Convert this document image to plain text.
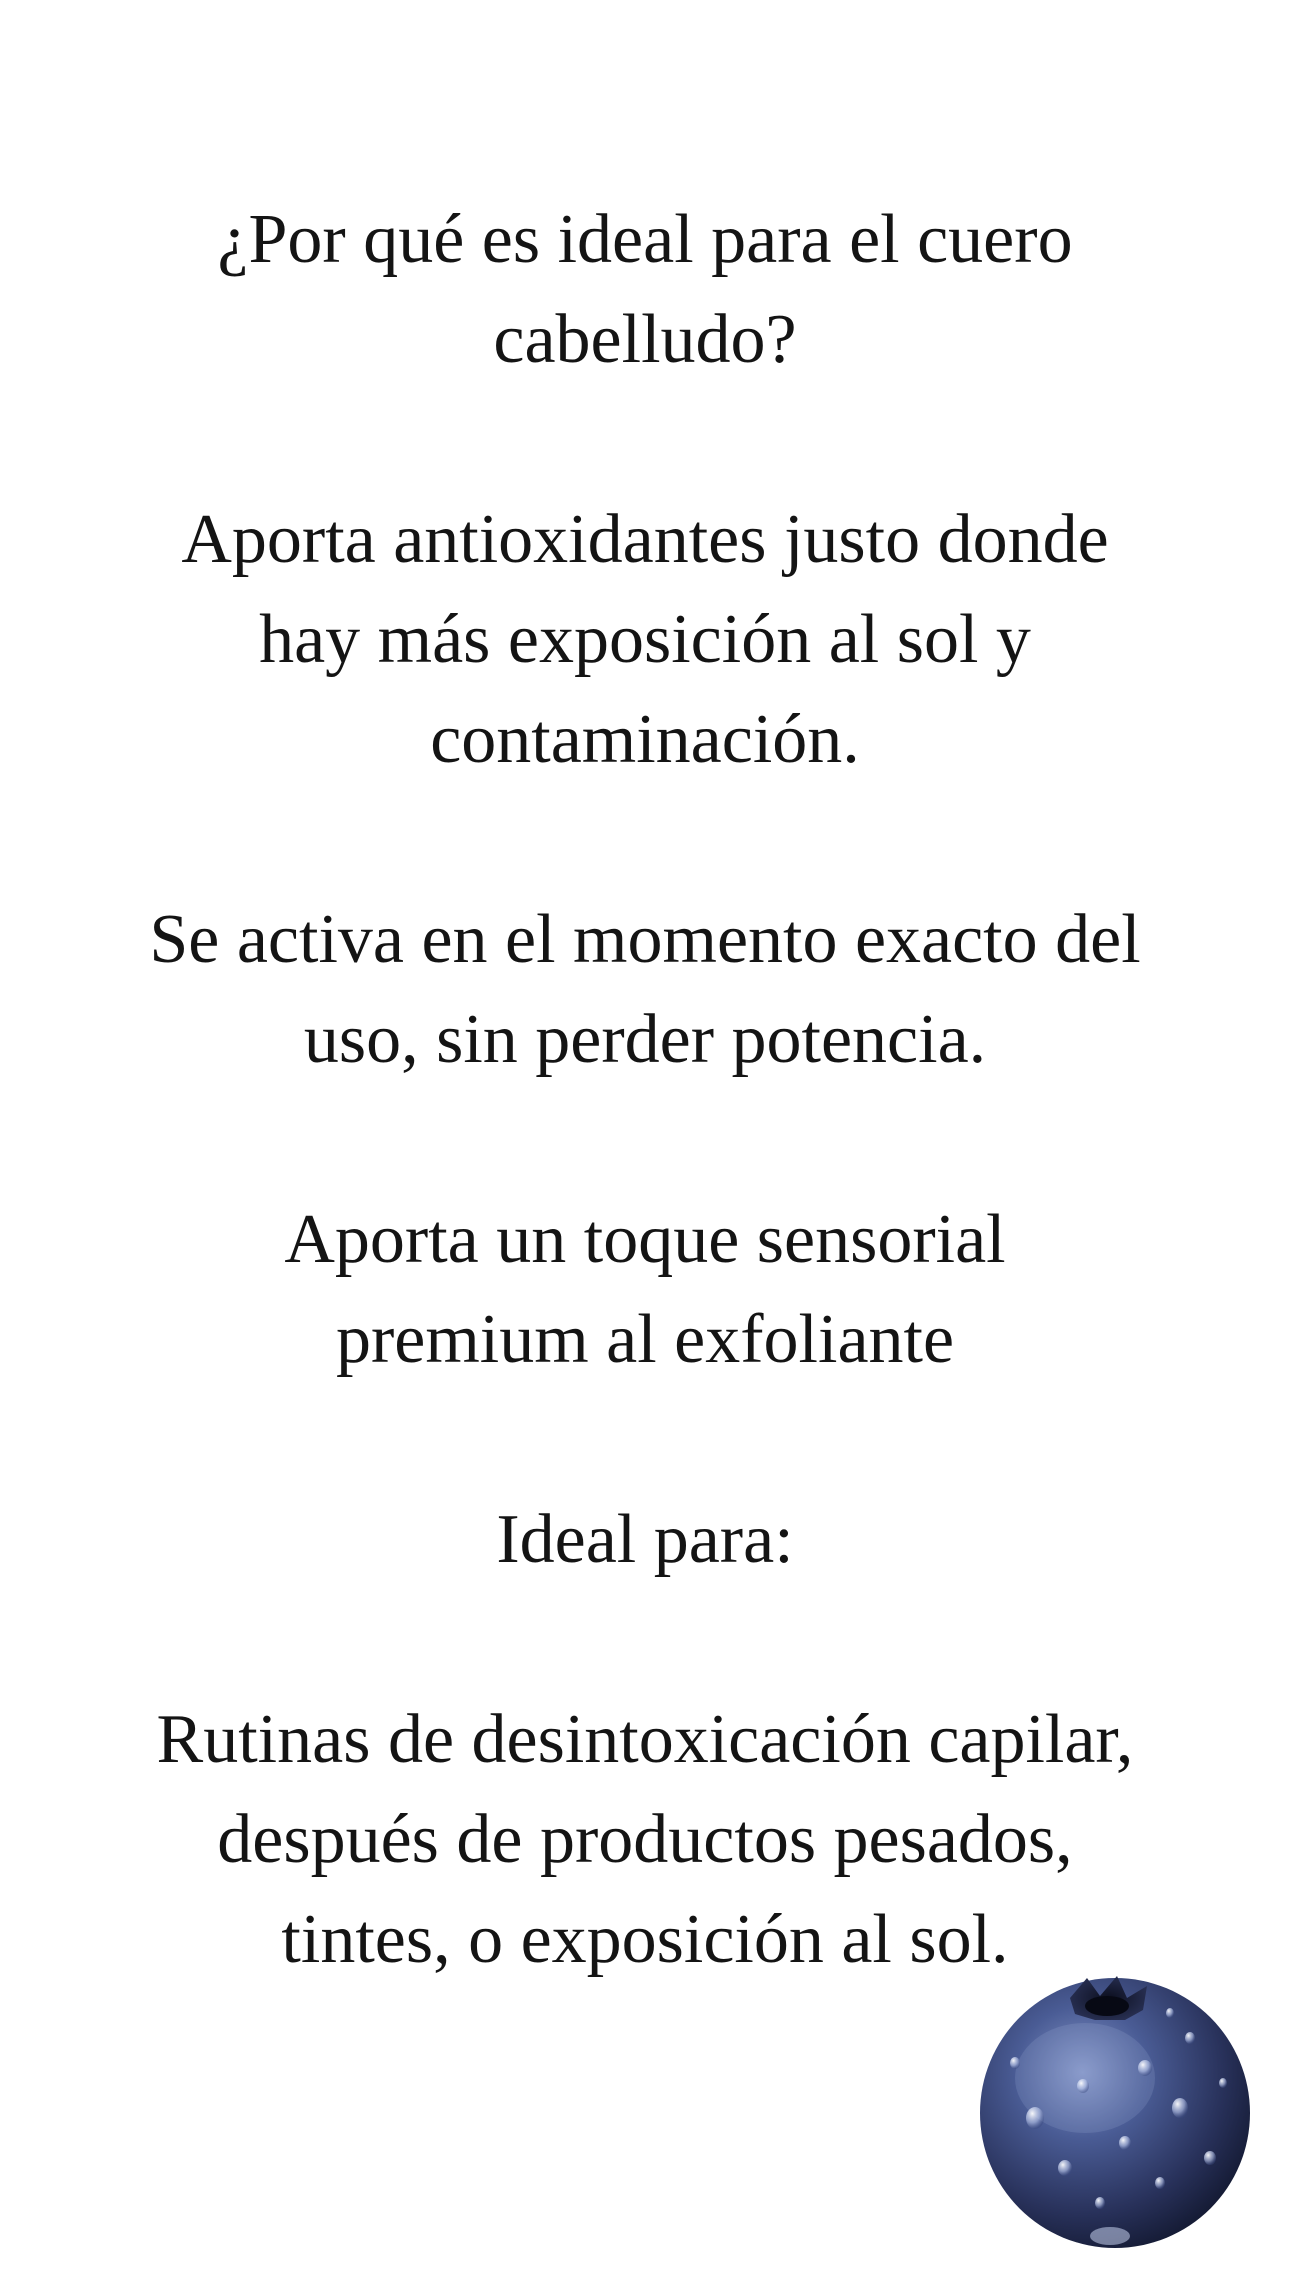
¿Por qué es ideal para el cuero
cabelludo?

Aporta antioxidantes justo donde
hay más exposición al sol y
contaminación.

Se activa en el momento exacto del
uso, sin perder potencia.

Aporta un toque sensorial
premium al exfoliante

Ideal para:

Rutinas de desintoxicación capilar,
después de productos pesados,
tintes, o exposición al sol.
